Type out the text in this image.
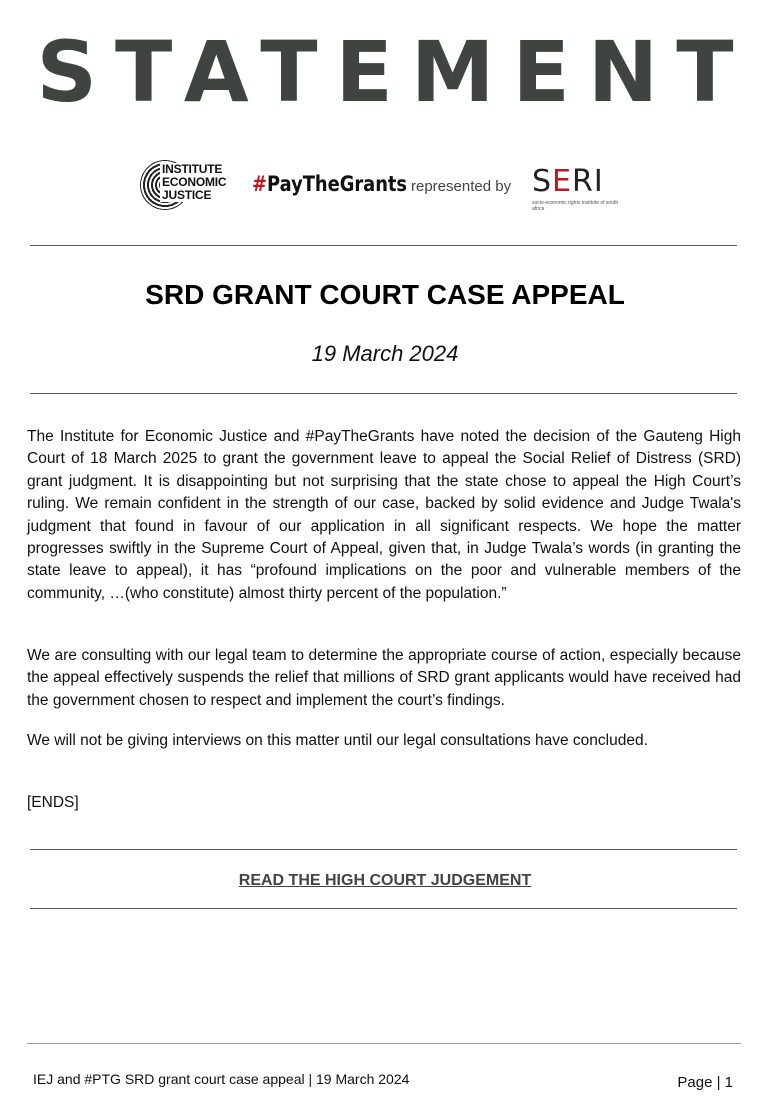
STATEMENT
INSTITUTE
ECONOMIC
JUSTICE	#PayTheGrants represented by SERI
socio-economic rights institute of south africa
SRD GRANT COURT CASE APPEAL
19 March 2024

The Institute for Economic Justice and #PayTheGrants have noted the decision of the Gauteng High Court of 18 March 2025 to grant the government leave to appeal the Social Relief of Distress (SRD) grant judgment. It is disappointing but not surprising that the state chose to appeal the High Court’s ruling. We remain confident in the strength of our case, backed by solid evidence and Judge Twala's judgment that found in favour of our application in all significant respects. We hope the matter progresses swiftly in the Supreme Court of Appeal, given that, in Judge Twala’s words (in granting the state leave to appeal), it has “profound implications on the poor and vulnerable members of the community, …(who constitute) almost thirty percent of the population.”

We are consulting with our legal team to determine the appropriate course of action, especially because the appeal effectively suspends the relief that millions of SRD grant applicants would have received had the government chosen to respect and implement the court’s findings.

We will not be giving interviews on this matter until our legal consultations have concluded.

[ENDS]

READ THE HIGH COURT JUDGEMENT
IEJ and #PTG SRD grant court case appeal | 19 March 2024	Page | 1
